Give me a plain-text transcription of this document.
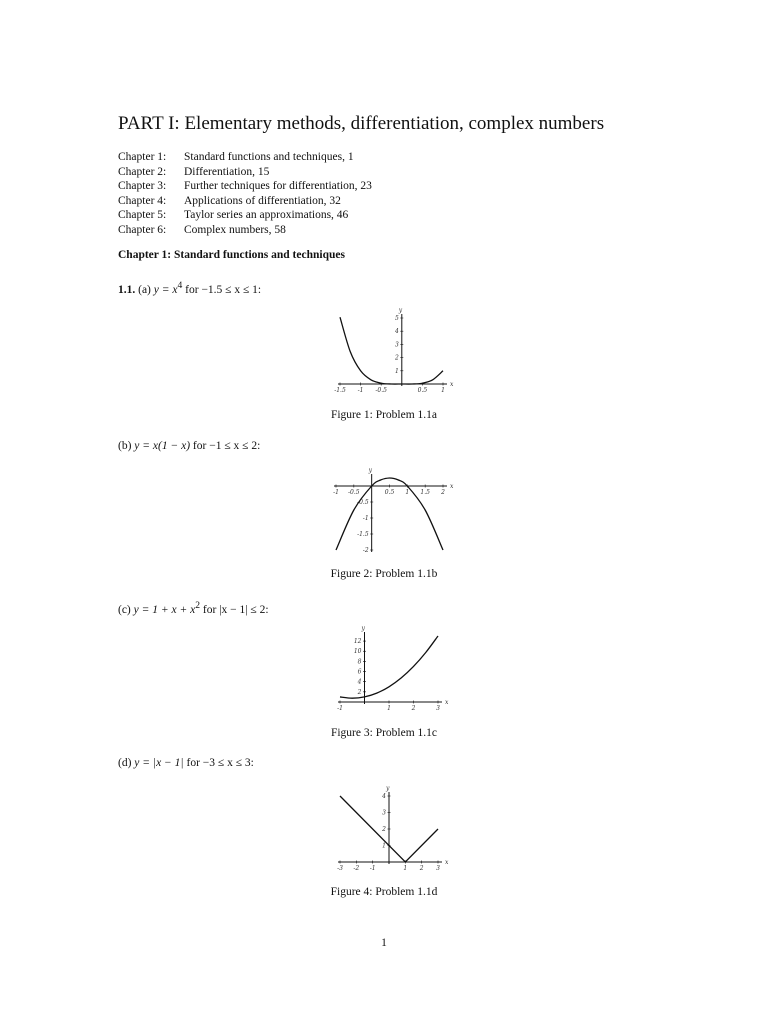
PART I: Elementary methods, differentiation, complex numbers
Chapter 1: Standard functions and techniques, 1
Chapter 2: Differentiation, 15
Chapter 3: Further techniques for differentiation, 23
Chapter 4: Applications of differentiation, 32
Chapter 5: Taylor series an approximations, 46
Chapter 6: Complex numbers, 58
Chapter 1: Standard functions and techniques

1.1. (a) $y = x^4$ for −1.5 ≤ x ≤ 1:

x
y
-1.5 -1 -0.5	0.5 1
1
2
3
4
5

Figure 1: Problem 1.1a

(b) y = x(1 − x) for −1 ≤ x ≤ 2:

x
y
-1 -0.5	0.5 1 1.5 2
-0.5
-1
-1.5
-2

Figure 2: Problem 1.1b

(c) $y = 1 + x + x^2$ for |x − 1| ≤ 2:

x
y
-1	1	2	3
2
4
6
8
10
12

Figure 3: Problem 1.1c

(d) y = |x − 1| for −3 ≤ x ≤ 3:

x
y
-3 -2 -1	1 2 3
1
2
3
4

Figure 4: Problem 1.1d

1
